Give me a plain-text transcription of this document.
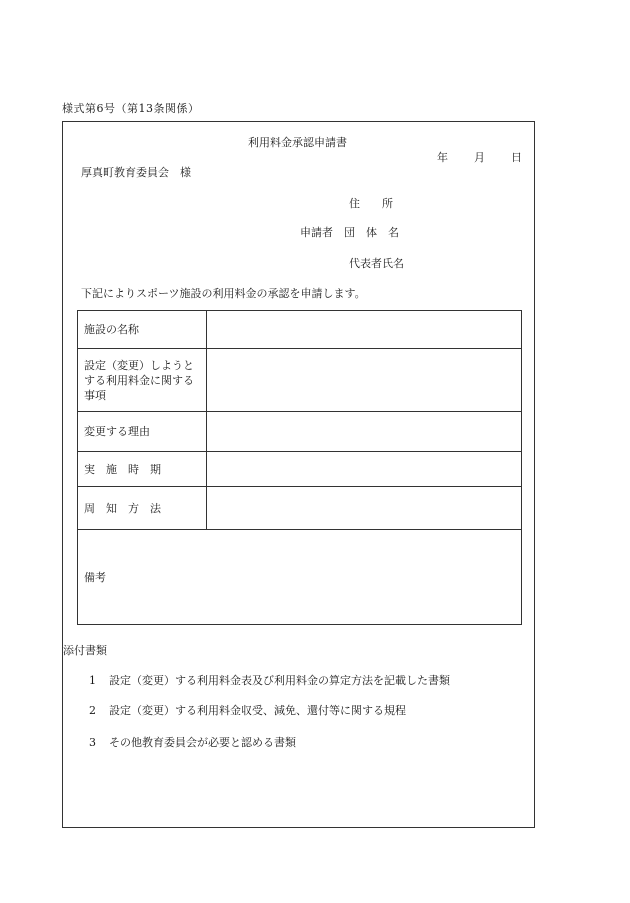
様式第6号（第13条関係）
利用料金承認申請書
年 月 日
厚真町教育委員会　様
住　　所
申請者　団　体　名
代表者氏名
下記によりスポーツ施設の利用料金の承認を申請します。
施設の名称	
設定（変更）しようとする利用料金に関する事項	
変更する理由	
実　施　時　期	
周　知　方　法	
備考	
添付書類
1 設定（変更）する利用料金表及び利用料金の算定方法を記載した書類
2 設定（変更）する利用料金収受、減免、還付等に関する規程
3 その他教育委員会が必要と認める書類
